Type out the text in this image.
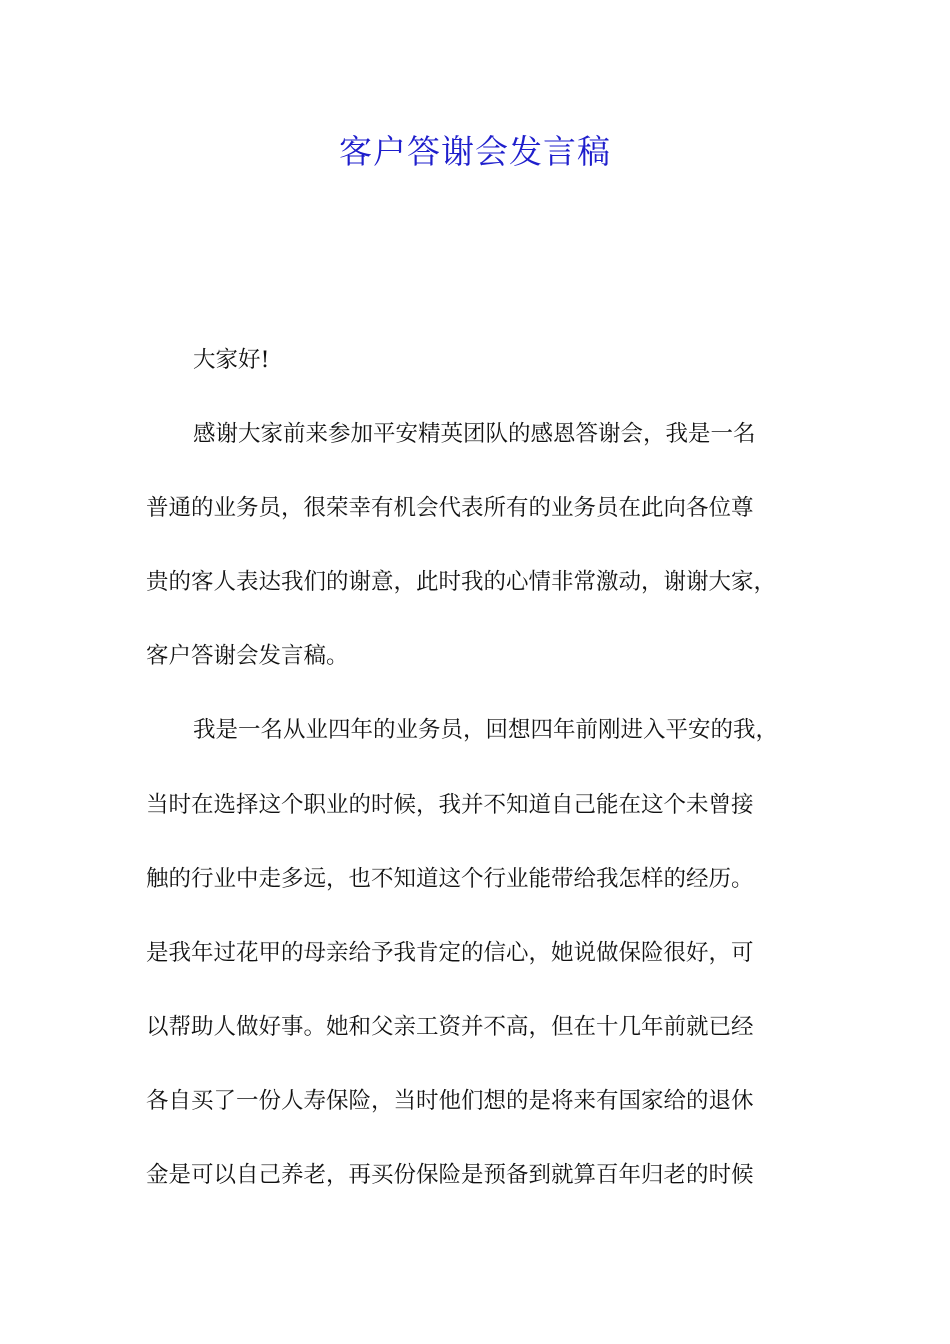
客户答谢会发言稿
大家好!
感谢大家前来参加平安精英团队的感恩答谢会，我是一名
普通的业务员，很荣幸有机会代表所有的业务员在此向各位尊
贵的客人表达我们的谢意，此时我的心情非常激动，谢谢大家，
客户答谢会发言稿。
我是一名从业四年的业务员，回想四年前刚进入平安的我，
当时在选择这个职业的时候，我并不知道自己能在这个未曾接
触的行业中走多远，也不知道这个行业能带给我怎样的经历。
是我年过花甲的母亲给予我肯定的信心，她说做保险很好，可
以帮助人做好事。她和父亲工资并不高，但在十几年前就已经
各自买了一份人寿保险，当时他们想的是将来有国家给的退休
金是可以自己养老，再买份保险是预备到就算百年归老的时候
